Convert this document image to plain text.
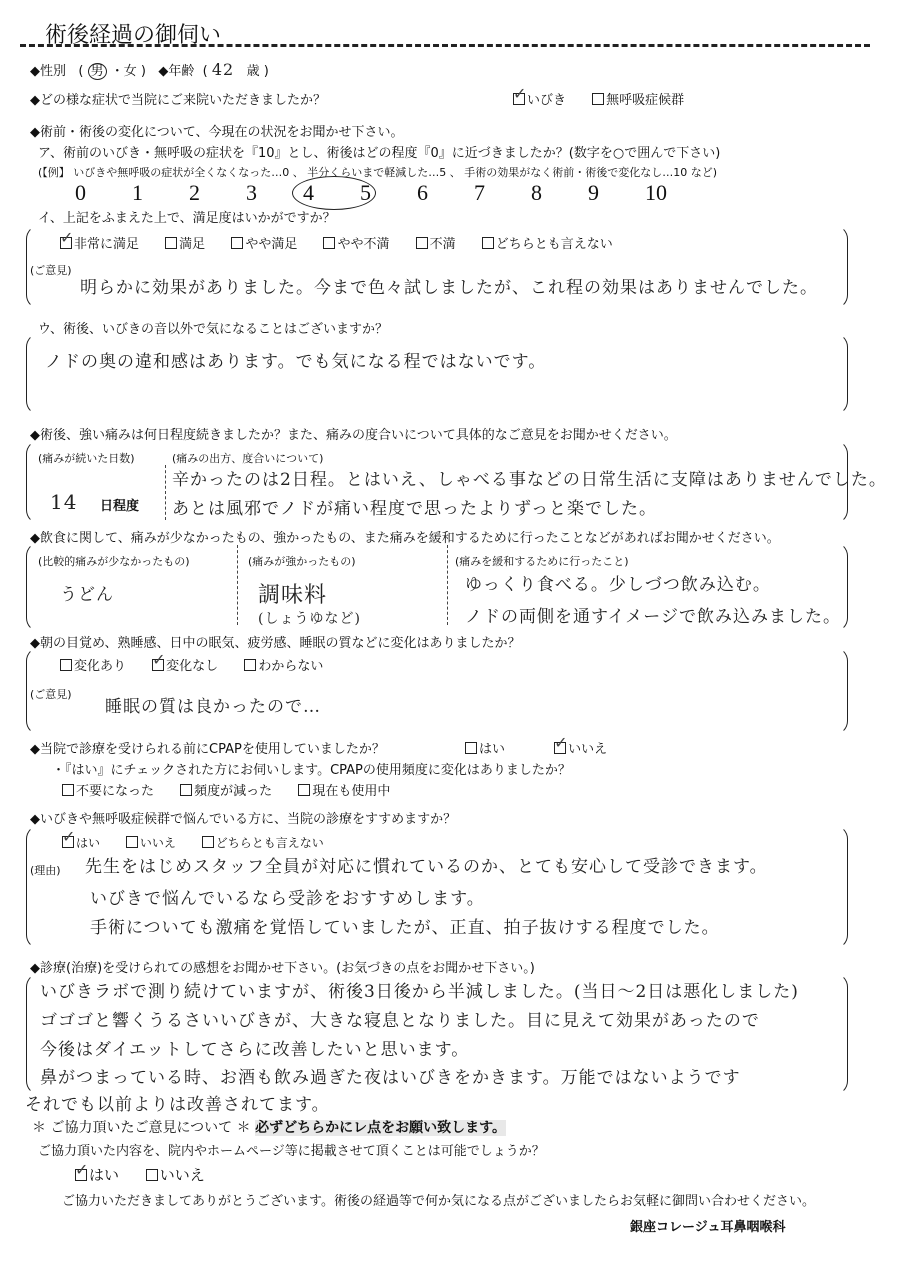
術後経過の御伺い
◆性別   ( 男 ・女 )   ◆年齢  ( 42 歳 )
◆どの様な症状で当院にご来院いただきましたか？ ✓	いびき	無呼吸症候群
◆術前・術後の変化について、今現在の状況をお聞かせ下さい。
ア、術前のいびき・無呼吸の症状を『10』とし、術後はどの程度『0』に近づきましたか？(数字を○で囲んで下さい)
(【例】 いびきや無呼吸の症状が全くなくなった…0 、 半分くらいまで軽減した…5 、 手術の効果がなく術前・術後で変化なし…10 など)
0 1 2 3 4 5 6 7 8 9 10
イ、上記をふまえた上で、満足度はいかがですか？
✓非常に満足	満足	やや満足	やや不満	不満	どちらとも言えない
(ご意見)
明らかに効果がありました。今まで色々試しましたが、これ程の効果はありませんでした。
ウ、術後、いびきの音以外で気になることはございますか？
ノドの奥の違和感はあります。でも気になる程ではないです。
◆術後、強い痛みは何日程度続きましたか？また、痛みの度合いについて具体的なご意見をお聞かせください。
(痛みが続いた日数)
14 日程度
(痛みの出方、度合いについて)
辛かったのは2日程。とはいえ、しゃべる事などの日常生活に支障はありませんでした。
あとは風邪でノドが痛い程度で思ったよりずっと楽でした。
◆飲食に関して、痛みが少なかったもの、強かったもの、また痛みを緩和するために行ったことなどがあればお聞かせください。
(比較的痛みが少なかったもの)
うどん
(痛みが強かったもの)
調味料
(しょうゆなど)
(痛みを緩和するために行ったこと)
ゆっくり食べる。少しづつ飲み込む。
ノドの両側を通すイメージで飲み込みました。
◆朝の目覚め、熟睡感、日中の眠気、疲労感、睡眠の質などに変化はありましたか？
変化あり ✓	変化なし	わからない
(ご意見)
睡眠の質は良かったので…
◆当院で診療を受けられる前にCPAPを使用していましたか？	はい ✓	いいえ
・『はい』にチェックされた方にお伺いします。CPAPの使用頻度に変化はありましたか？
不要になった	頻度が減った	現在も使用中
◆いびきや無呼吸症候群で悩んでいる方に、当院の診療をすすめますか？
✓はい	いいえ	どちらとも言えない
(理由) 先生をはじめスタッフ全員が対応に慣れているのか、とても安心して受診できます。
いびきで悩んでいるなら受診をおすすめします。
手術についても激痛を覚悟していましたが、正直、拍子抜けする程度でした。
◆診療(治療)を受けられての感想をお聞かせ下さい。(お気づきの点をお聞かせ下さい。)
いびきラボで測り続けていますが、術後3日後から半減しました。(当日〜2日は悪化しました)
ゴゴゴと響くうるさいいびきが、大きな寝息となりました。目に見えて効果があったので
今後はダイエットしてさらに改善したいと思います。
鼻がつまっている時、お酒も飲み過ぎた夜はいびきをかきます。万能ではないようです
それでも以前よりは改善されてます。
＊ ご協力頂いたご意見について ＊ 必ずどちらかにレ点をお願い致します。
ご協力頂いた内容を、院内やホームページ等に掲載させて頂くことは可能でしょうか？
✓はい	いいえ
ご協力いただきましてありがとうございます。術後の経過等で何か気になる点がございましたらお気軽に御問い合わせください。
銀座コレージュ耳鼻咽喉科
